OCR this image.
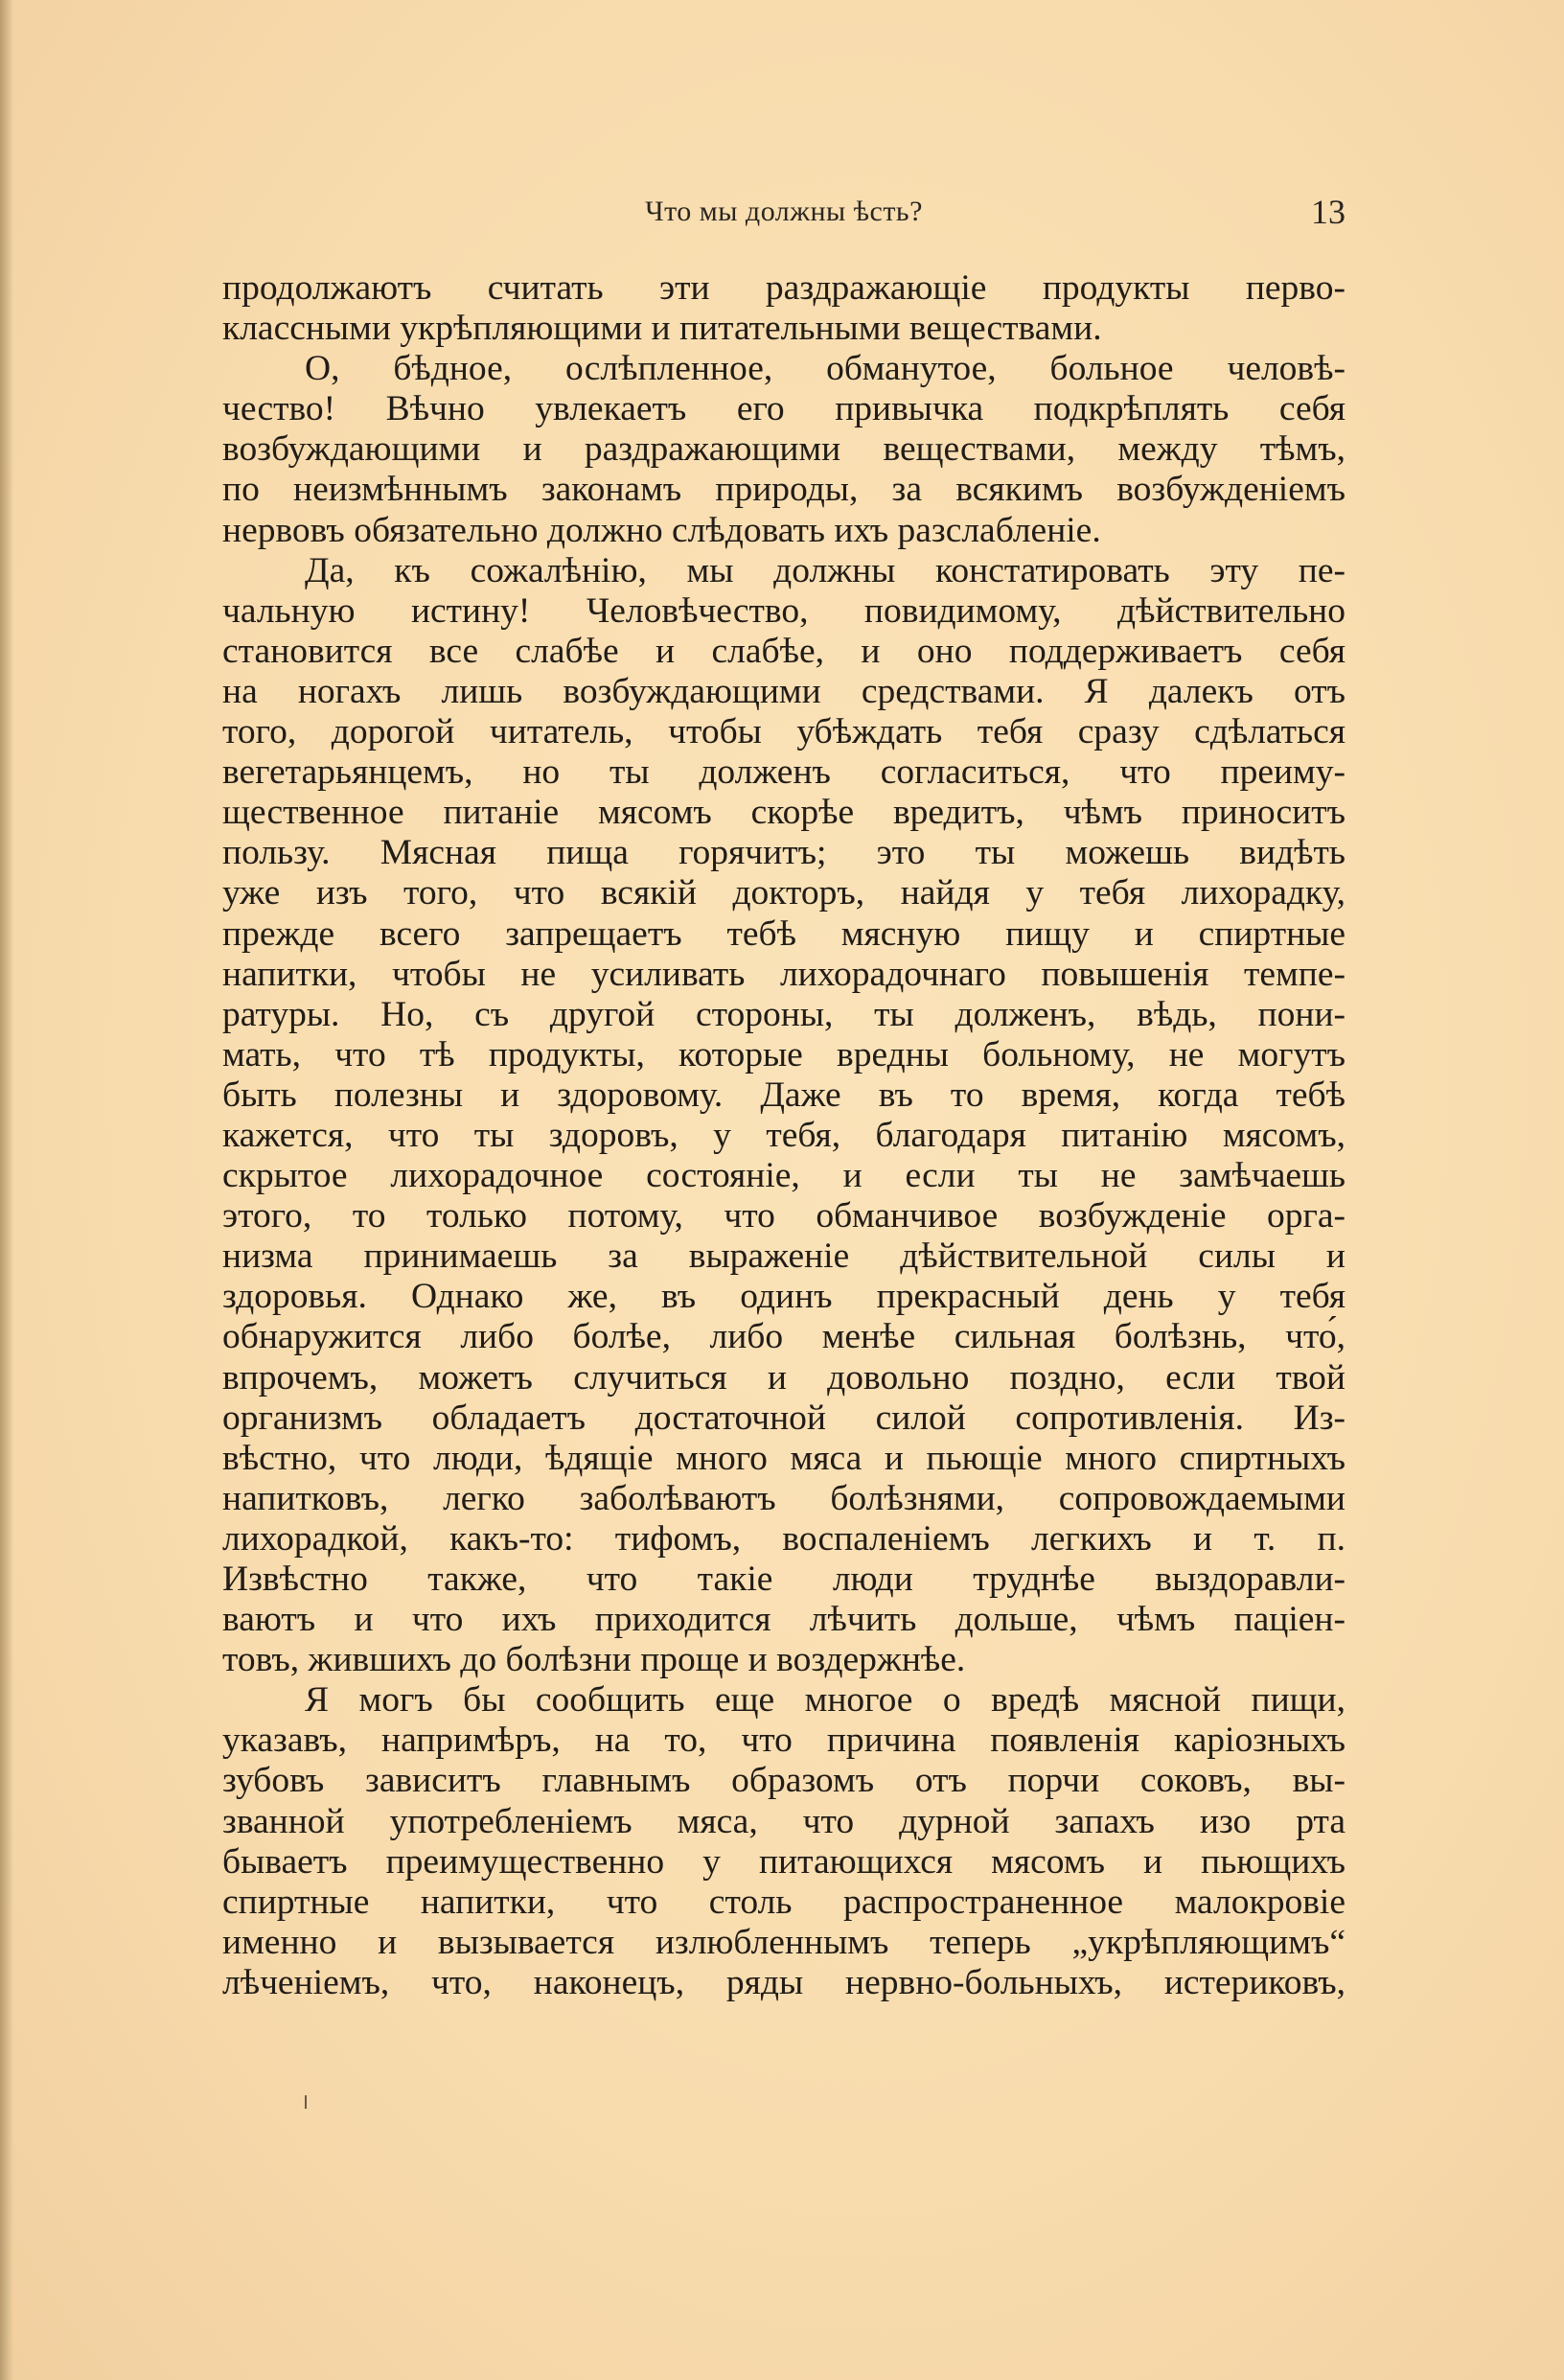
Что мы должны ѣсть?	13

продолжаютъ считать эти раздражающіе продукты перво-
классными укрѣпляющими и питательными веществами.

О, бѣдное, ослѣпленное, обманутое, больное человѣ-
чество! Вѣчно увлекаетъ его привычка подкрѣплять себя
возбуждающими и раздражающими веществами, между тѣмъ,
по неизмѣннымъ законамъ природы, за всякимъ возбужденіемъ
нервовъ обязательно должно слѣдовать ихъ разслабленіе.

Да, къ сожалѣнію, мы должны констатировать эту пе-
чальную истину! Человѣчество, повидимому, дѣйствительно
становится все слабѣе и слабѣе, и оно поддерживаетъ себя
на ногахъ лишь возбуждающими средствами. Я далекъ отъ
того, дорогой читатель, чтобы убѣждать тебя сразу сдѣлаться
вегетарьянцемъ, но ты долженъ согласиться, что преиму-
щественное питаніе мясомъ скорѣе вредитъ, чѣмъ приноситъ
пользу. Мясная пища горячитъ; это ты можешь видѣть
уже изъ того, что всякій докторъ, найдя у тебя лихорадку,
прежде всего запрещаетъ тебѣ мясную пищу и спиртные
напитки, чтобы не усиливать лихорадочнаго повышенія темпе-
ратуры. Но, съ другой стороны, ты долженъ, вѣдь, пони-
мать, что тѣ продукты, которые вредны больному, не могутъ
быть полезны и здоровому. Даже въ то время, когда тебѣ
кажется, что ты здоровъ, у тебя, благодаря питанію мясомъ,
скрытое лихорадочное состояніе, и если ты не замѣчаешь
этого, то только потому, что обманчивое возбужденіе орга-
низма принимаешь за выраженіе дѣйствительной силы и
здоровья. Однако же, въ одинъ прекрасный день у тебя
обнаружится либо болѣе, либо менѣе сильная болѣзнь, что́,
впрочемъ, можетъ случиться и довольно поздно, если твой
организмъ обладаетъ достаточной силой сопротивленія. Из-
вѣстно, что люди, ѣдящіе много мяса и пьющіе много спиртныхъ
напитковъ, легко заболѣваютъ болѣзнями, сопровождаемыми
лихорадкой, какъ-то: тифомъ, воспаленіемъ легкихъ и т. п.
Извѣстно также, что такіе люди труднѣе выздоравли-
ваютъ и что ихъ приходится лѣчить дольше, чѣмъ паціен-
товъ, жившихъ до болѣзни проще и воздержнѣе.

Я могъ бы сообщить еще многое о вредѣ мясной пищи,
указавъ, напримѣръ, на то, что причина появленія каріозныхъ
зубовъ зависитъ главнымъ образомъ отъ порчи соковъ, вы-
званной употребленіемъ мяса, что дурной запахъ изо рта
бываетъ преимущественно у питающихся мясомъ и пьющихъ
спиртные напитки, что столь распространенное малокровіе
именно и вызывается излюбленнымъ теперь „укрѣпляющимъ“
лѣченіемъ, что, наконецъ, ряды нервно-больныхъ, истериковъ,
